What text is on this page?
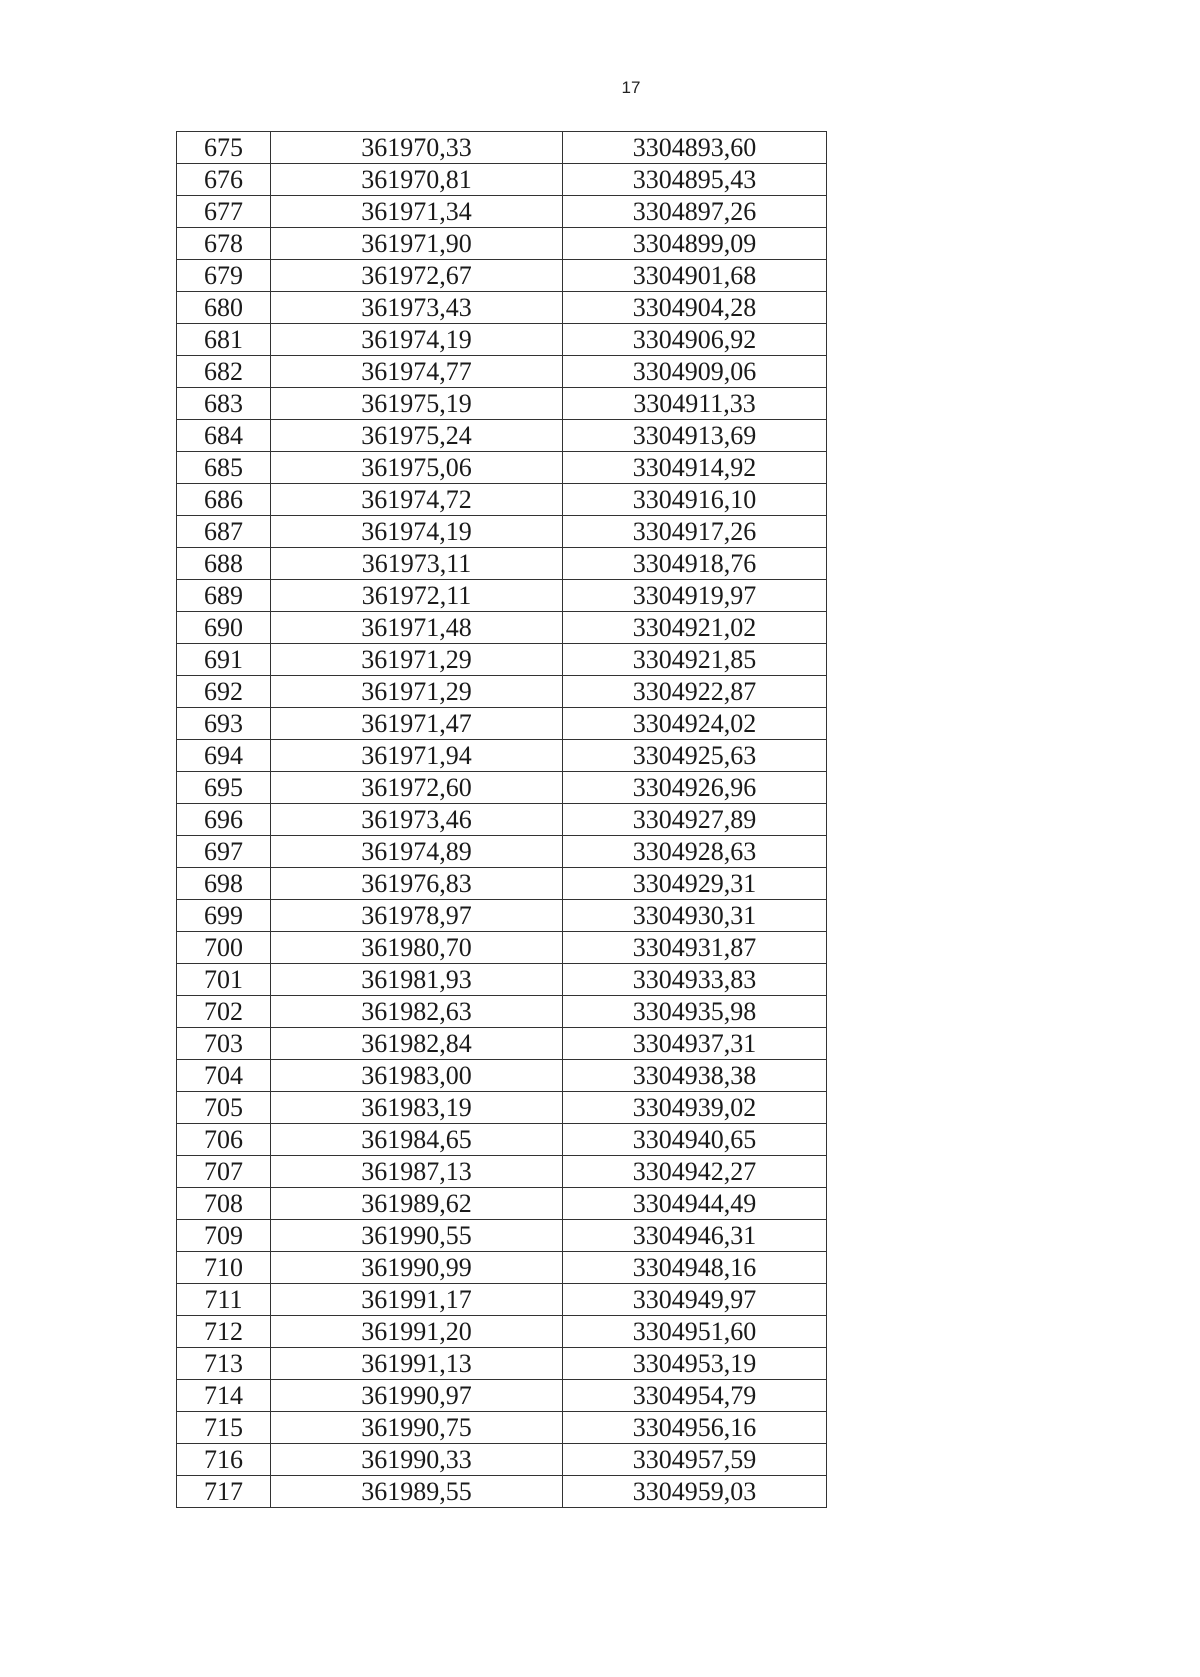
17
675	361970,33	3304893,60
676	361970,81	3304895,43
677	361971,34	3304897,26
678	361971,90	3304899,09
679	361972,67	3304901,68
680	361973,43	3304904,28
681	361974,19	3304906,92
682	361974,77	3304909,06
683	361975,19	3304911,33
684	361975,24	3304913,69
685	361975,06	3304914,92
686	361974,72	3304916,10
687	361974,19	3304917,26
688	361973,11	3304918,76
689	361972,11	3304919,97
690	361971,48	3304921,02
691	361971,29	3304921,85
692	361971,29	3304922,87
693	361971,47	3304924,02
694	361971,94	3304925,63
695	361972,60	3304926,96
696	361973,46	3304927,89
697	361974,89	3304928,63
698	361976,83	3304929,31
699	361978,97	3304930,31
700	361980,70	3304931,87
701	361981,93	3304933,83
702	361982,63	3304935,98
703	361982,84	3304937,31
704	361983,00	3304938,38
705	361983,19	3304939,02
706	361984,65	3304940,65
707	361987,13	3304942,27
708	361989,62	3304944,49
709	361990,55	3304946,31
710	361990,99	3304948,16
711	361991,17	3304949,97
712	361991,20	3304951,60
713	361991,13	3304953,19
714	361990,97	3304954,79
715	361990,75	3304956,16
716	361990,33	3304957,59
717	361989,55	3304959,03
